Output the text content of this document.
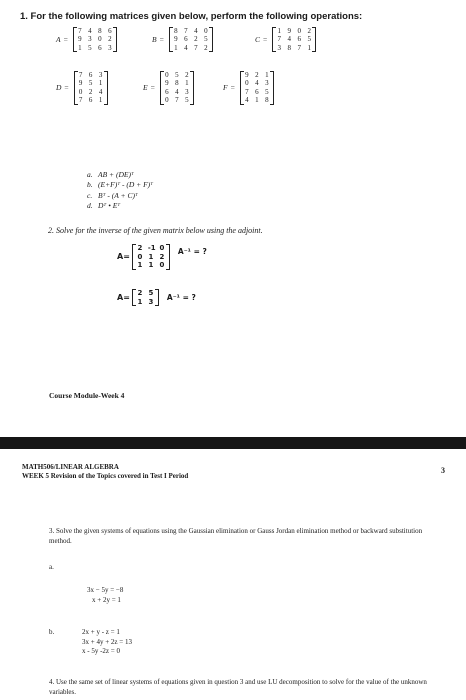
1. For the following matrices given below, perform the following operations:
A =
7 4 8 6
9 3 0 2
1 5 6 3
B =
8 7 4 0
9 6 2 5
1 4 7 2
C =
1 9 0 2
7 4 6 5
3 8 7 1
D =
7 6 3
9 5 1
0 2 4
7 6 1
E =
0 5 2
9 8 1
6 4 3
0 7 5
F =
9 2 1
0 4 3
7 6 5
4 1 8
a. AB + (DE)ᵀ
b. (E+F)ᵀ - (D + F)ᵀ
c. Bᵀ - (A + C)ᵀ
d. Dᵀ • Eᵀ
2. Solve for the inverse of the given matrix below using the adjoint.
A=
2 -1 0
0 1 2
1 1 0
A⁻¹ = ?
A= 2 5
1 3 A⁻¹ = ?
Course Module-Week 4
MATH506/LINEAR ALGEBRA
WEEK 5 Revision of the Topics covered in Test I Period
3
3. Solve the given systems of equations using the Gaussian elimination or Gauss Jordan elimination method or backward substitution method.
a.
3x − 5y = −8
x + 2y = 1
b.	2x + y - z = 1
3x + 4y + 2z = 13
x - 5y -2z = 0
4. Use the same set of linear systems of equations given in question 3 and use LU decomposition to solve for the value of the unknown variables.
